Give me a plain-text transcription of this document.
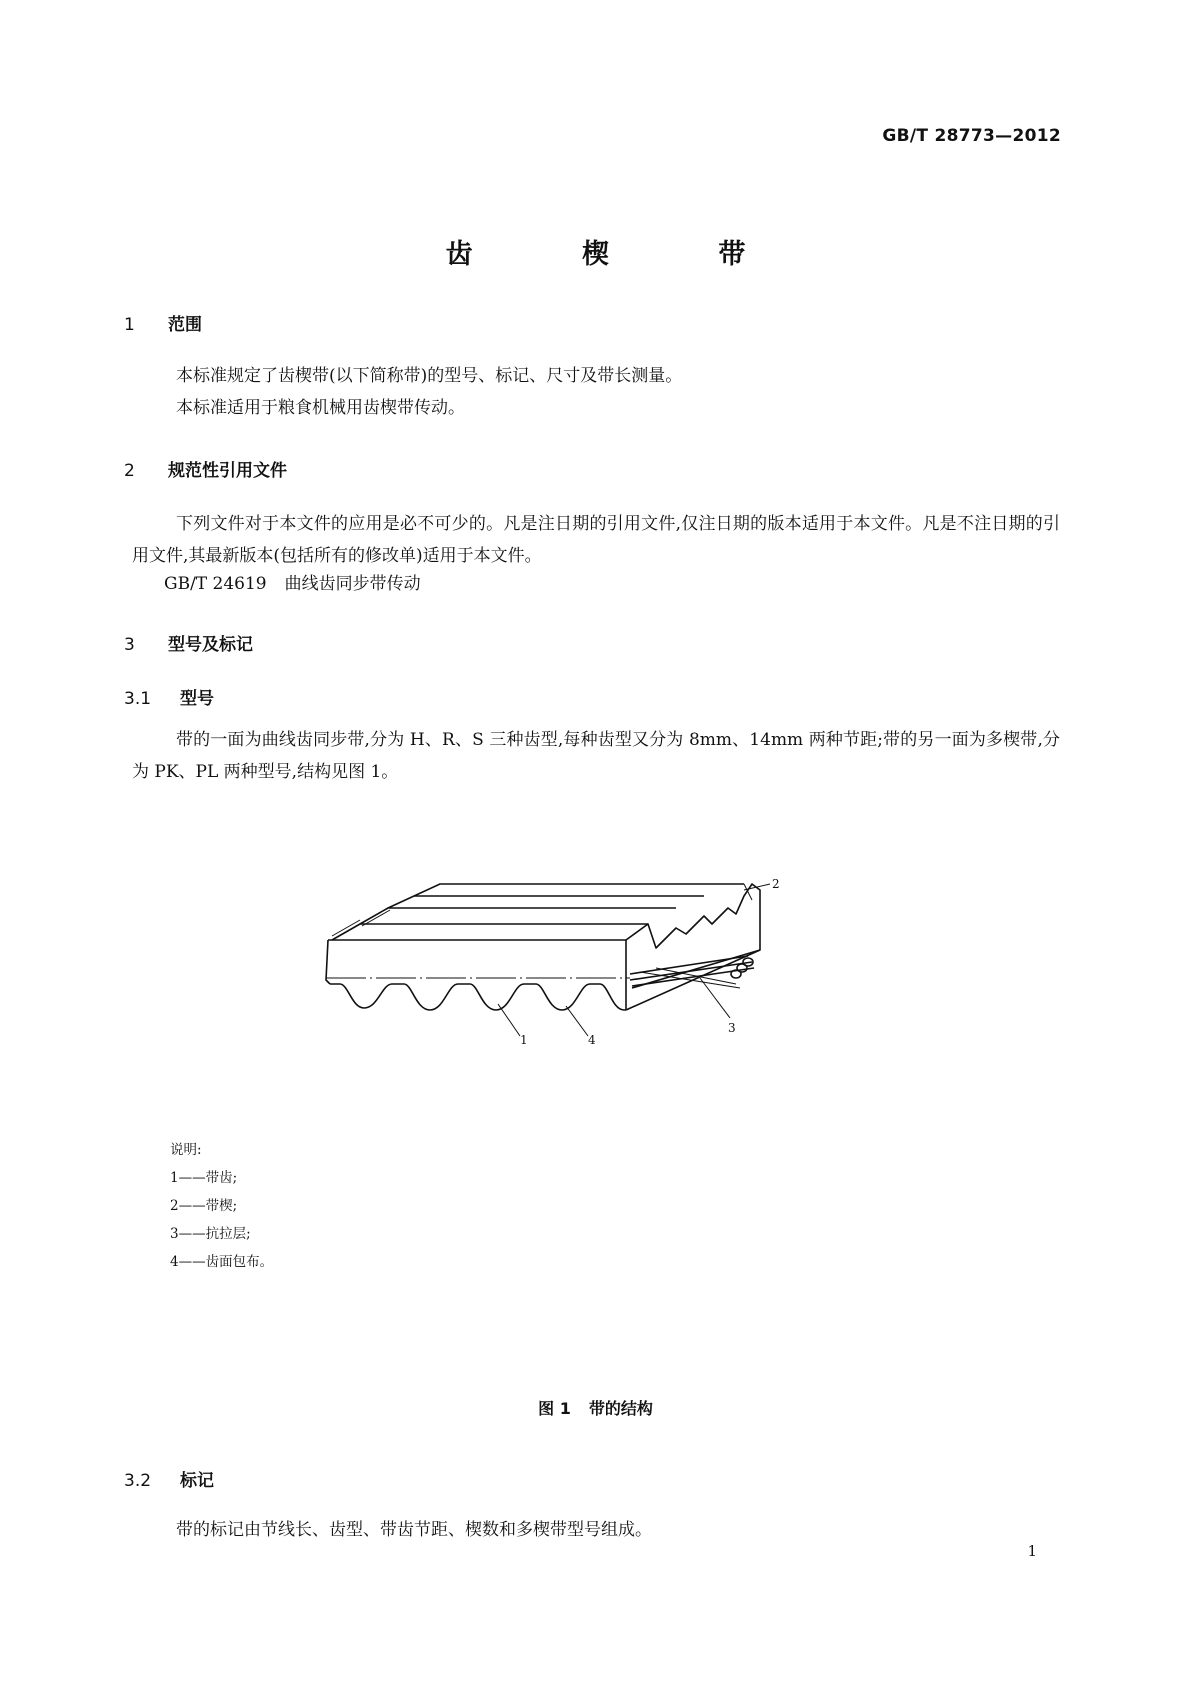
GB/T 28773—2012
齿 楔 带
1 范围
本标准规定了齿楔带(以下简称带)的型号、标记、尺寸及带长测量。
本标准适用于粮食机械用齿楔带传动。
2 规范性引用文件
下列文件对于本文件的应用是必不可少的。凡是注日期的引用文件,仅注日期的版本适用于本文件。凡是不注日期的引用文件,其最新版本(包括所有的修改单)适用于本文件。
GB/T 24619 曲线齿同步带传动
3 型号及标记
3.1 型号
带的一面为曲线齿同步带,分为 H、R、S 三种齿型,每种齿型又分为 8mm、14mm 两种节距;带的另一面为多楔带,分为 PK、PL 两种型号,结构见图 1。
2
3
1	4
说明:
1——带齿;
2——带楔;
3——抗拉层;
4——齿面包布。
图 1 带的结构
3.2 标记
带的标记由节线长、齿型、带齿节距、楔数和多楔带型号组成。
1
